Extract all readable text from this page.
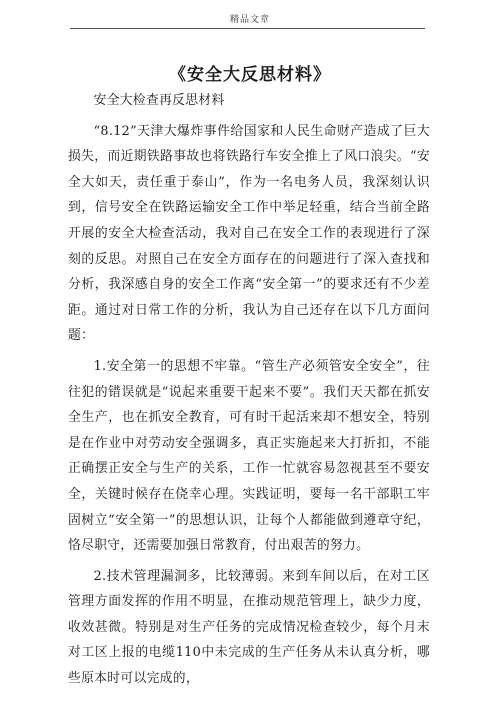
精品文章
《安全大反思材料》

安全大检查再反思材料

“8.12”天津大爆炸事件给国家和人民生命财产造成了巨大损失，而近期铁路事故也将铁路行车安全推上了风口浪尖。“安全大如天，责任重于泰山”，作为一名电务人员，我深刻认识到，信号安全在铁路运输安全工作中举足轻重，结合当前全路开展的安全大检查活动，我对自己在安全工作的表现进行了深刻的反思。对照自己在安全方面存在的问题进行了深入查找和分析，我深感自身的安全工作离“安全第一”的要求还有不少差距。通过对日常工作的分析，我认为自己还存在以下几方面问题：

1.安全第一的思想不牢靠。“管生产必须管安全安全”，往往犯的错误就是“说起来重要干起来不要”。我们天天都在抓安全生产，也在抓安全教育，可有时干起活来却不想安全，特别是在作业中对劳动安全强调多，真正实施起来大打折扣，不能正确摆正安全与生产的关系，工作一忙就容易忽视甚至不要安全，关键时候存在侥幸心理。实践证明，要每一名干部职工牢固树立“安全第一”的思想认识，让每个人都能做到遵章守纪，恪尽职守，还需要加强日常教育，付出艰苦的努力。

2.技术管理漏洞多，比较薄弱。来到车间以后，在对工区管理方面发挥的作用不明显，在推动规范管理上，缺少力度，收效甚微。特别是对生产任务的完成情况检查较少，每个月末对工区上报的电缆110中未完成的生产任务从未认真分析，哪些原本时可以完成的，
